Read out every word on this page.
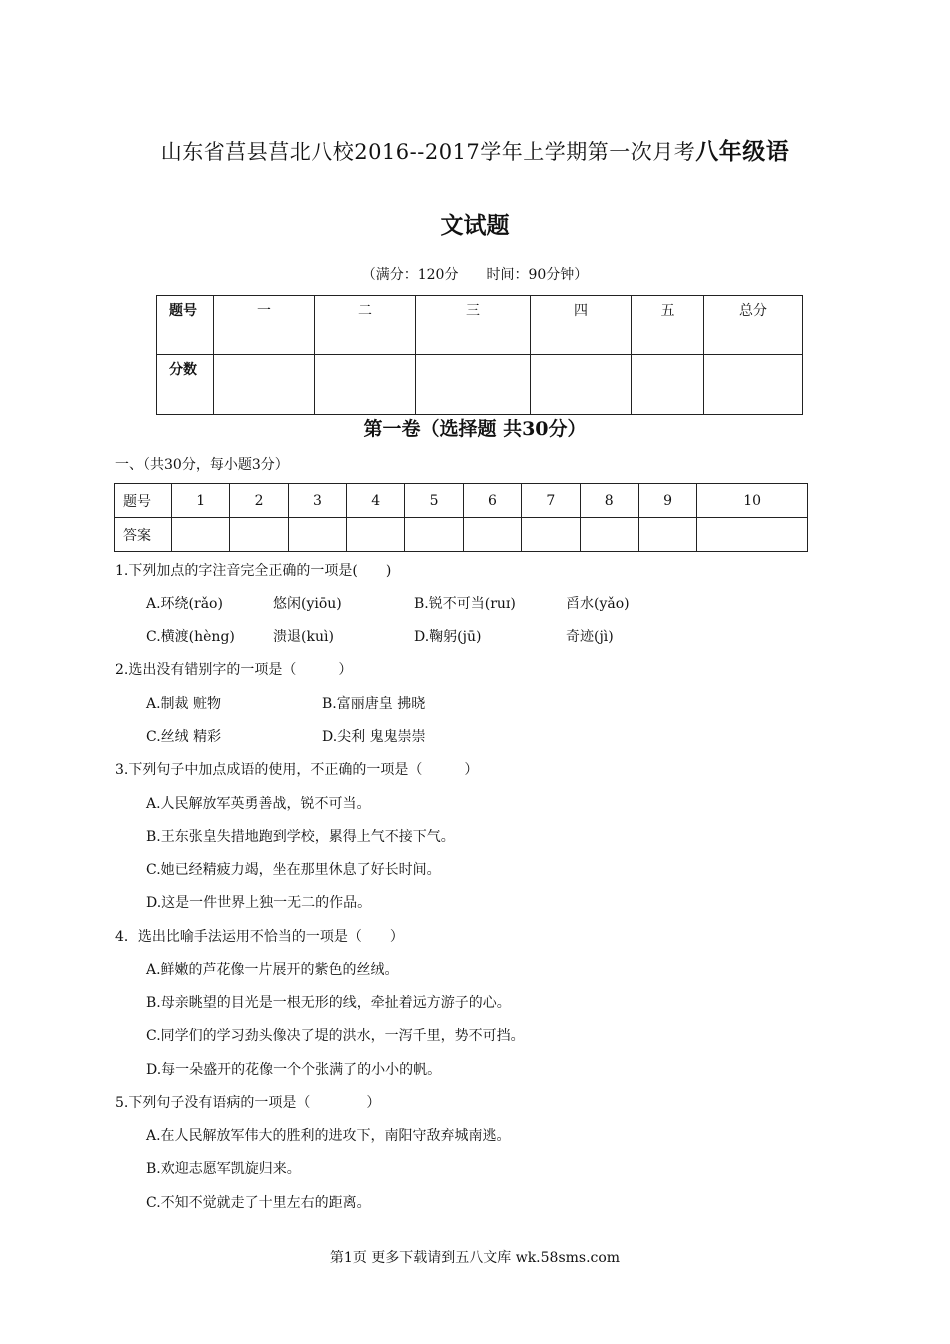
山东省莒县莒北八校2016--2017学年上学期第一次月考八年级语
文试题
（满分：120分　　时间：90分钟）
题号	一	二	三	四	五	总分
分数						
第一卷（选择题 共30分）
一、（共30分，每小题3分）
题号	1	2	3	4	5	6	7	8	9	10
答案										
1.下列加点的字注音完全正确的一项是(　　)
A.环绕(rǎo)	悠闲(yiōu)	B.锐不可当(ruɪ)	舀水(yǎo)
C.横渡(hèng)	溃退(kuì)	D.鞠躬(jū)	奇迹(jì)
2.选出没有错别字的一项是（　　　）
A.制裁 赃物	B.富丽唐皇 拂晓
C.丝绒 精彩	D.尖利 鬼鬼崇崇
3.下列句子中加点成语的使用，不正确的一项是（　　　）
A.人民解放军英勇善战，锐不可当。
B.王东张皇失措地跑到学校，累得上气不接下气。
C.她已经精疲力竭，坐在那里休息了好长时间。
D.这是一件世界上独一无二的作品。
4．选出比喻手法运用不恰当的一项是（　　）
A.鲜嫩的芦花像一片展开的紫色的丝绒。
B.母亲眺望的目光是一根无形的线，牵扯着远方游子的心。
C.同学们的学习劲头像决了堤的洪水，一泻千里，势不可挡。
D.每一朵盛开的花像一个个张满了的小小的帆。
5.下列句子没有语病的一项是（　　　　）
A.在人民解放军伟大的胜利的进攻下，南阳守敌弃城南逃。
B.欢迎志愿军凯旋归来。
C.不知不觉就走了十里左右的距离。
第1页 更多下载请到五八文库 wk.58sms.com
